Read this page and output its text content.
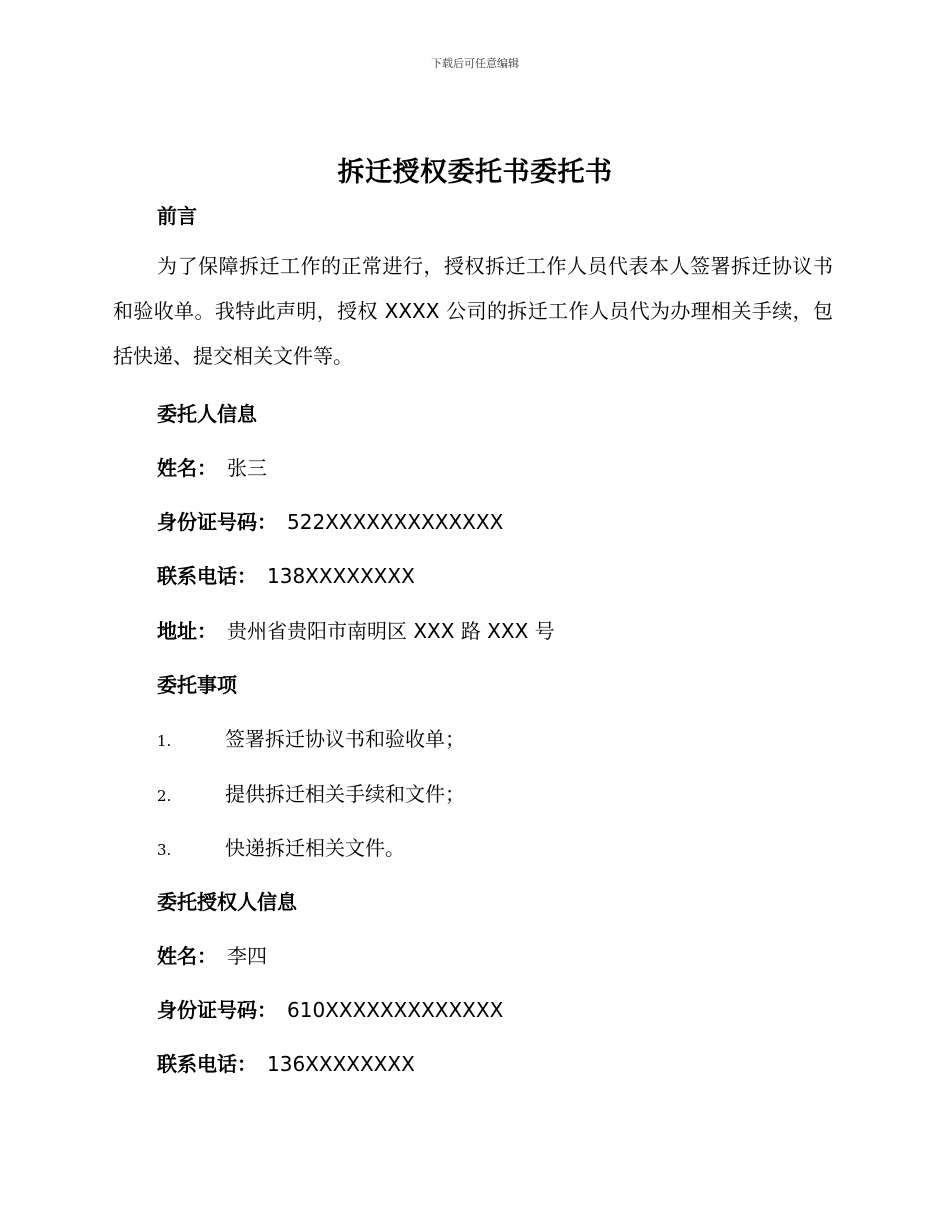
下载后可任意编辑
拆迁授权委托书委托书
前言
为了保障拆迁工作的正常进行，授权拆迁工作人员代表本人签署拆迁协议书和验收单。我特此声明，授权 XXXX 公司的拆迁工作人员代为办理相关手续，包括快递、提交相关文件等。
委托人信息
姓名： 张三
身份证号码： 522XXXXXXXXXXXXX
联系电话： 138XXXXXXXX
地址： 贵州省贵阳市南明区 XXX 路 XXX 号
委托事项
1.	签署拆迁协议书和验收单；
2.	提供拆迁相关手续和文件；
3.	快递拆迁相关文件。
委托授权人信息
姓名： 李四
身份证号码： 610XXXXXXXXXXXXX
联系电话： 136XXXXXXXX
